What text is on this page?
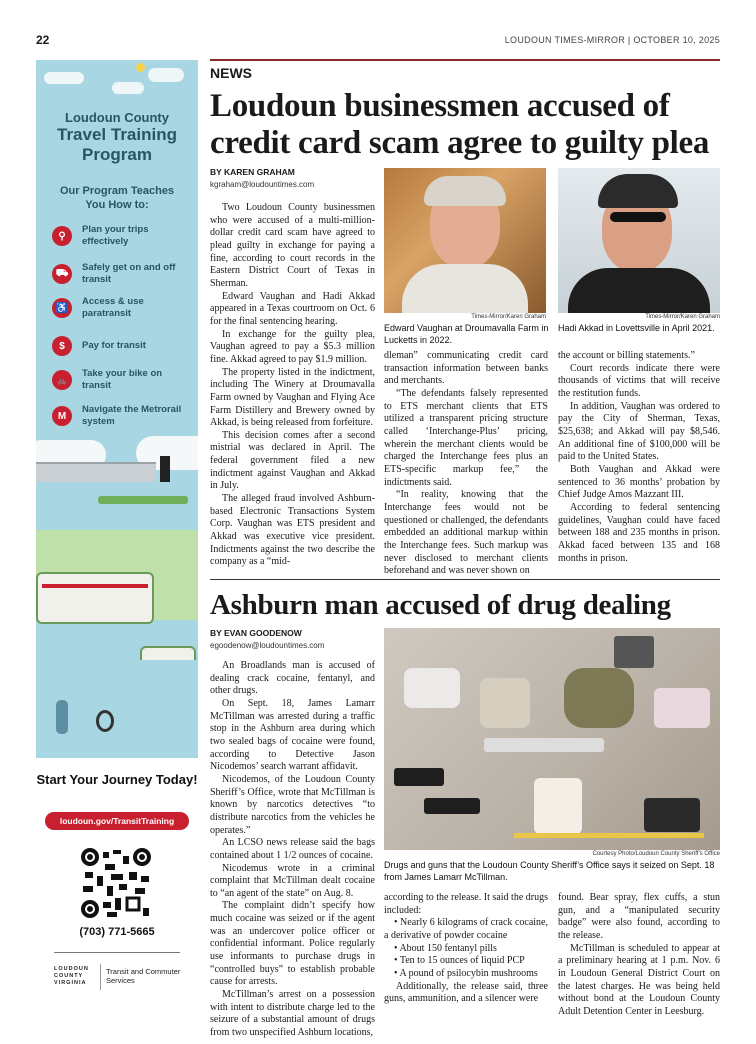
22	LOUDOUN TIMES-MIRROR | OCTOBER 10, 2025
Loudoun County
Travel Training Program
Our Program Teaches You How to:
⚲
Plan your trips effectively
⛟	Safely get on and off transit
♿
Access & use paratransit
$	Pay for transit
🚲
Take your bike on transit
M
Navigate the Metrorail system
Start Your Journey Today!
loudoun.gov/TransitTraining
(703) 771-5665
LOUDOUN COUNTY VIRGINIA
Transit and Commuter Services
NEWS
Loudoun businessmen accused of credit card scam agree to guilty plea
BY KAREN GRAHAM
kgraham@loudountimes.com

Two Loudoun County businessmen who were accused of a multi-million-dollar credit card scam have agreed to plead guilty in exchange for paying a fine, according to court records in the Eastern District Court of Texas in Sherman.

Edward Vaughan and Hadi Akkad appeared in a Texas courtroom on Oct. 6 for the final sentencing hearing.

In exchange for the guilty plea, Vaughan agreed to pay a $5.3 million fine. Akkad agreed to pay $1.9 million.

The property listed in the indictment, including The Winery at Droumavalla Farm owned by Vaughan and Flying Ace Farm Distillery and Brewery owned by Akkad, is being released from forfeiture.

This decision comes after a second mistrial was declared in April. The federal government filed a new indictment against Vaughan and Akkad in July.

The alleged fraud involved Ashburn-based Electronic Transactions System Corp. Vaughan was ETS president and Akkad was executive vice president. Indictments against the two describe the company as a “mid-

Times-Mirror/Karen Graham
Edward Vaughan at Droumavalla Farm in Lucketts in 2022.
Times-Mirror/Karen Graham
Hadi Akkad in Lovettsville in April 2021.

dleman” communicating credit card transaction information between banks and merchants.

“The defendants falsely represented to ETS merchant clients that ETS utilized a transparent pricing structure called ‘Interchange-Plus’ pricing, wherein the merchant clients would be charged the Interchange fees plus an ETS-specific markup fee,” the indictments said.

“In reality, knowing that the Interchange fees would not be questioned or challenged, the defendants embedded an additional markup within the Interchange fees. Such markup was never disclosed to merchant clients beforehand and was never shown on

the account or billing statements.”

Court records indicate there were thousands of victims that will receive the restitution funds.

In addition, Vaughan was ordered to pay the City of Sherman, Texas, $25,638; and Akkad will pay $8,546. An additional fine of $100,000 will be paid to the United States.

Both Vaughan and Akkad were sentenced to 36 months’ probation by Chief Judge Amos Mazzant III.

According to federal sentencing guidelines, Vaughan could have faced between 188 and 235 months in prison. Akkad faced between 135 and 168 months in prison.

Ashburn man accused of drug dealing
BY EVAN GOODENOW
egoodenow@loudountimes.com

An Broadlands man is accused of dealing crack cocaine, fentanyl, and other drugs.

On Sept. 18, James Lamarr McTillman was arrested during a traffic stop in the Ashburn area during which two sealed bags of cocaine were found, according to Detective Jason Nicodemos’ search warrant affidavit.

Nicodemos, of the Loudoun County Sheriff’s Office, wrote that McTillman is known by narcotics detectives “to distribute narcotics from the vehicles he operates.”

An LCSO news release said the bags contained about 1 1/2 ounces of cocaine.

Nicodemus wrote in a criminal complaint that McTillman dealt cocaine to “an agent of the state” on Aug. 8.

The complaint didn’t specify how much cocaine was seized or if the agent was an undercover police officer or confidential informant. Police regularly use informants to purchase drugs in “controlled buys” to establish probable cause for arrests.

McTillman’s arrest on a possession with intent to distribute charge led to the seizure of a substantial amount of drugs from two unspecified Ashburn locations,

Courtesy Photo/Loudoun County Sheriff’s Office
Drugs and guns that the Loudoun County Sheriff’s Office says it seized on Sept. 18 from James Lamarr McTillman.

according to the release. It said the drugs included:

• Nearly 6 kilograms of crack cocaine, a derivative of powder cocaine

• About 150 fentanyl pills

• Ten to 15 ounces of liquid PCP

• A pound of psilocybin mushrooms

Additionally, the release said, three guns, ammunition, and a silencer were

found. Bear spray, flex cuffs, a stun gun, and a “manipulated security badge” were also found, according to the release.

McTillman is scheduled to appear at a preliminary hearing at 1 p.m. Nov. 6 in Loudoun General District Court on the latest charges. He was being held without bond at the Loudoun County Adult Detention Center in Leesburg.
